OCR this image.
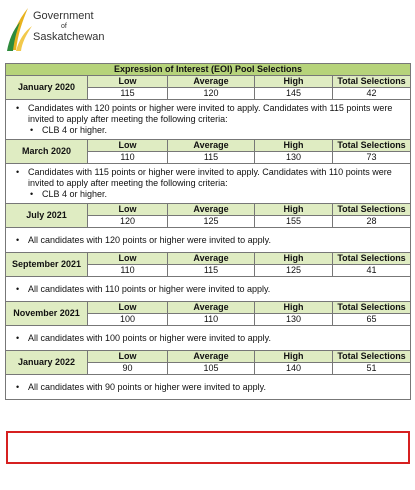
Government
of
Saskatchewan
Expression of Interest (EOI) Pool Selections				
January 2020	Low	Average	High	Total Selections
	115	120	145	42

• Candidates with 120 points or higher were invited to apply. Candidates with 115 points were invited to apply after meeting the following criteria:
• CLB 4 or higher.				

March 2020	Low	Average	High	Total Selections
	110	115	130	73

• Candidates with 115 points or higher were invited to apply. Candidates with 110 points were invited to apply after meeting the following criteria:
• CLB 4 or higher.				

July 2021	Low	Average	High	Total Selections
	120	125	155	28

• All candidates with 120 points or higher were invited to apply.				
September 2021	Low	Average	High	Total Selections
	110	115	125	41

• All candidates with 110 points or higher were invited to apply.				
November 2021	Low	Average	High	Total Selections
	100	110	130	65

• All candidates with 100 points or higher were invited to apply.				
January 2022	Low	Average	High	Total Selections
	90	105	140	51

• All candidates with 90 points or higher were invited to apply.				
